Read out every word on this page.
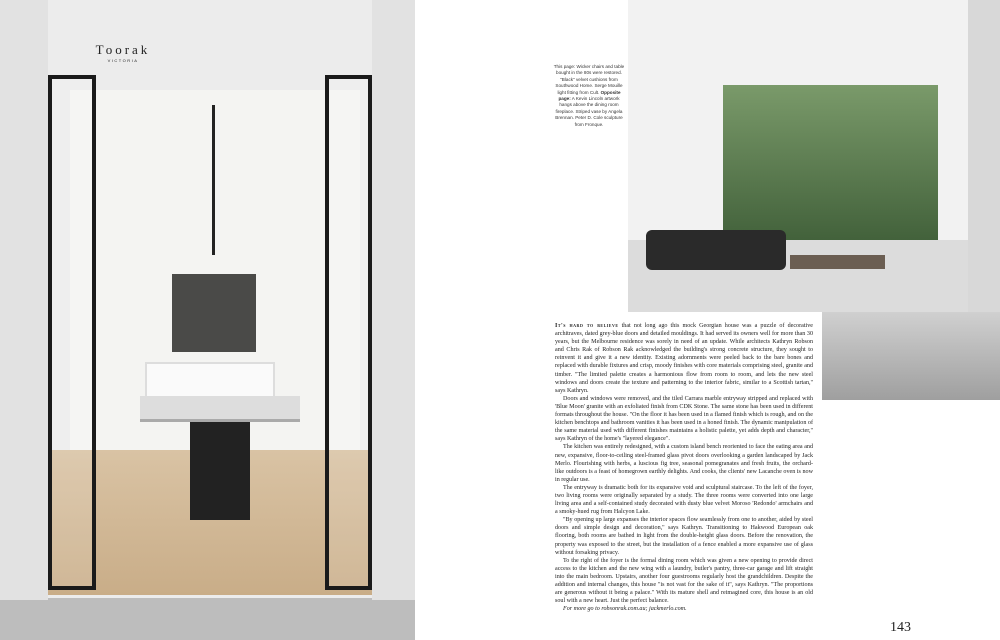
Toorak
VICTORIA
This page: Wicker chairs and table bought in the 80s were restored. "Black" velvet cushions from Southwood Home. Serge Mouille light fitting from Cult. Opposite page: A Kevin Lincoln artwork hangs above the dining room fireplace. Striped vase by Angela Brennan. Peter D. Cole sculpture from Fronque.

It's hard to believe that not long ago this mock Georgian house was a puzzle of decorative architraves, dated grey-blue doors and detailed mouldings. It had served its owners well for more than 30 years, but the Melbourne residence was sorely in need of an update. While architects Kathryn Robson and Chris Rak of Robson Rak acknowledged the building's strong concrete structure, they sought to reinvent it and give it a new identity. Existing adornments were peeled back to the bare bones and replaced with durable fixtures and crisp, moody finishes with core materials comprising steel, granite and timber. "The limited palette creates a harmonious flow from room to room, and lets the new steel windows and doors create the texture and patterning to the interior fabric, similar to a Scottish tartan," says Kathryn.

Doors and windows were removed, and the tiled Carrara marble entryway stripped and replaced with 'Blue Moon' granite with an exfoliated finish from CDK Stone. The same stone has been used in different formats throughout the house. "On the floor it has been used in a flamed finish which is rough, and on the kitchen benchtops and bathroom vanities it has been used in a honed finish. The dynamic manipulation of the same material used with different finishes maintains a holistic palette, yet adds depth and character," says Kathryn of the home's "layered elegance".

The kitchen was entirely redesigned, with a custom island bench reoriented to face the eating area and new, expansive, floor-to-ceiling steel-framed glass pivot doors overlooking a garden landscaped by Jack Merlo. Flourishing with herbs, a luscious fig tree, seasonal pomegranates and fresh fruits, the orchard-like outdoors is a feast of homegrown earthly delights. And cooks, the clients' new Lacanche oven is now in regular use.

The entryway is dramatic both for its expansive void and sculptural staircase. To the left of the foyer, two living rooms were originally separated by a study. The three rooms were converted into one large living area and a self-contained study decorated with dusty blue velvet Moroso 'Redondo' armchairs and a smoky-hued rug from Halcyon Lake.

"By opening up large expanses the interior spaces flow seamlessly from one to another, aided by steel doors and simple design and decoration," says Kathryn. Transitioning to Hakwood European oak flooring, both rooms are bathed in light from the double-height glass doors. Before the renovation, the property was exposed to the street, but the installation of a fence enabled a more expansive use of glass without forsaking privacy.

To the right of the foyer is the formal dining room which was given a new opening to provide direct access to the kitchen and the new wing with a laundry, butler's pantry, three-car garage and lift straight into the main bedroom. Upstairs, another four guestrooms regularly host the grandchildren. Despite the addition and internal changes, this house "is not vast for the sake of it", says Kathryn. "The proportions are generous without it being a palace." With its mature shell and reimagined core, this house is an old soul with a new heart. Just the perfect balance.

For more go to robsonrak.com.au; jackmerlo.com.

143
